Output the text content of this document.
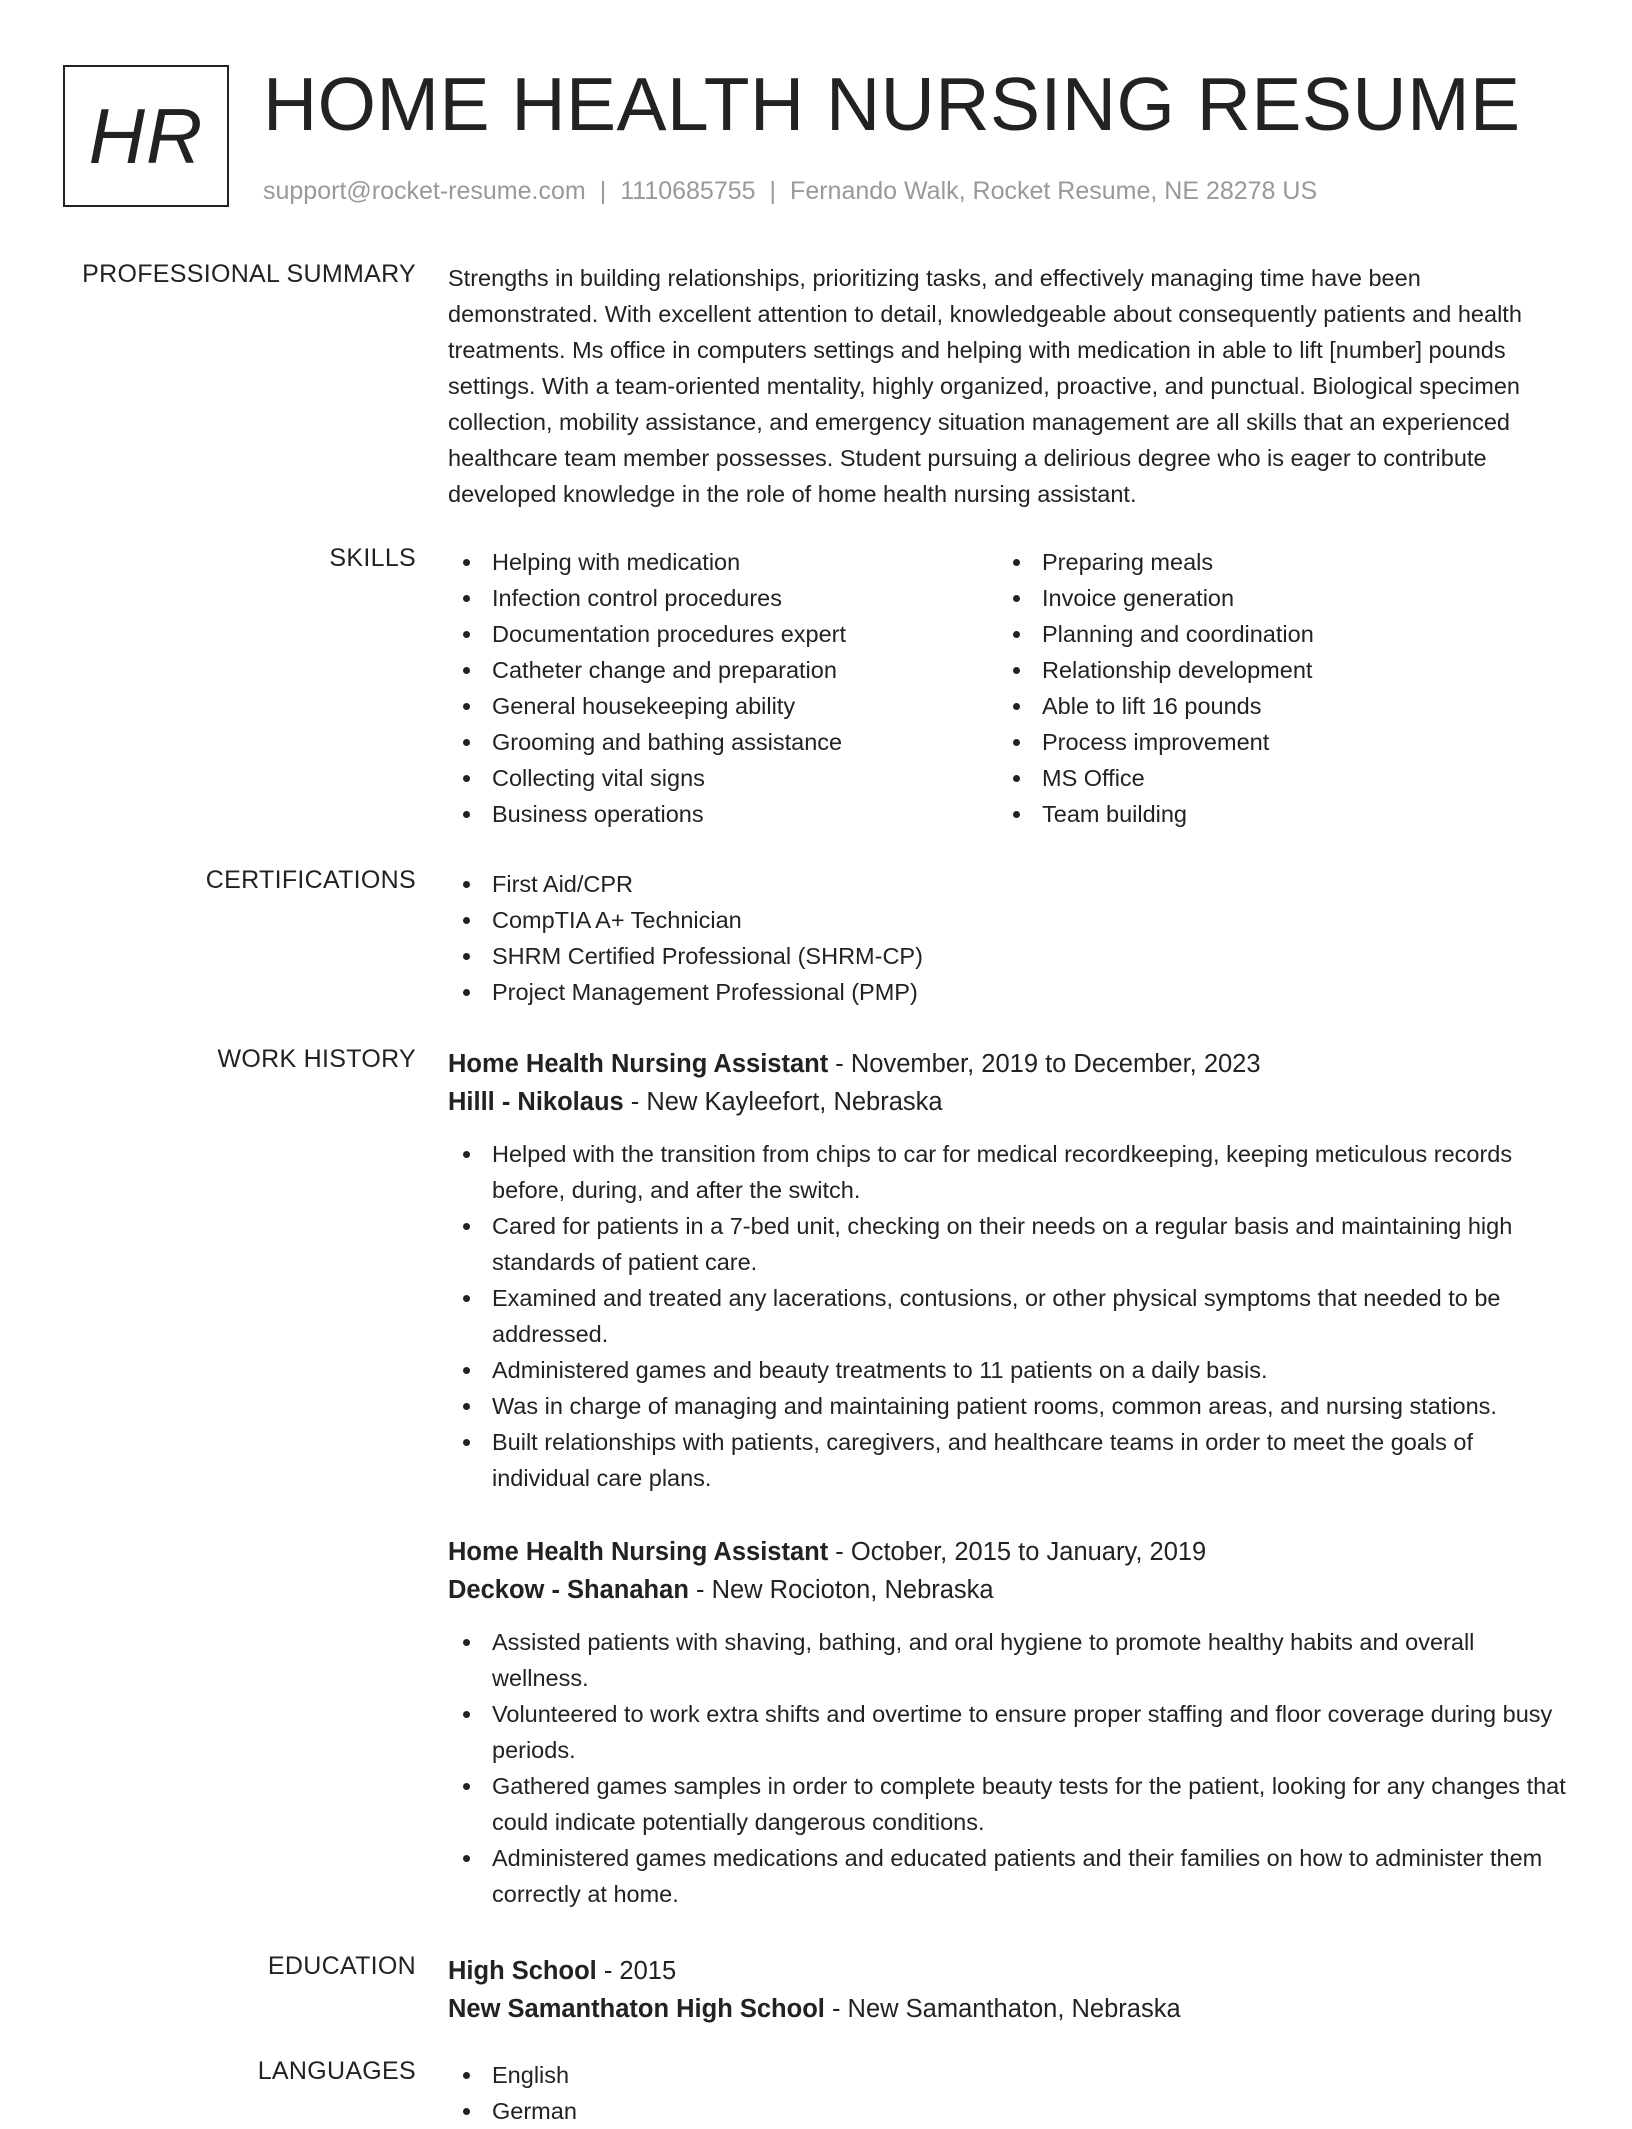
HR HOME HEALTH NURSING RESUME
support@rocket-resume.com | 1110685755 | Fernando Walk, Rocket Resume, NE 28278 US
PROFESSIONAL SUMMARY Strengths in building relationships, prioritizing tasks, and effectively managing time have been demonstrated. With excellent attention to detail, knowledgeable about consequently patients and health treatments. Ms office in computers settings and helping with medication in able to lift [number] pounds settings. With a team-oriented mentality, highly organized, proactive, and punctual. Biological specimen collection, mobility assistance, and emergency situation management are all skills that an experienced healthcare team member possesses. Student pursuing a delirious degree who is eager to contribute developed knowledge in the role of home health nursing assistant.
SKILLS	Helping with medication
Infection control procedures
Documentation procedures expert
Catheter change and preparation
General housekeeping ability
Grooming and bathing assistance
Collecting vital signs
Business operations
Preparing meals
Invoice generation
Planning and coordination
Relationship development
Able to lift 16 pounds
Process improvement
MS Office
Team building
CERTIFICATIONS	First Aid/CPR
CompTIA A+ Technician
SHRM Certified Professional (SHRM-CP)
Project Management Professional (PMP)
WORK HISTORY Home Health Nursing Assistant - November, 2019 to December, 2023
Hilll - Nikolaus - New Kayleefort, Nebraska
Helped with the transition from chips to car for medical recordkeeping, keeping meticulous records before, during, and after the switch.
Cared for patients in a 7-bed unit, checking on their needs on a regular basis and maintaining high standards of patient care.
Examined and treated any lacerations, contusions, or other physical symptoms that needed to be addressed.
Administered games and beauty treatments to 11 patients on a daily basis.
Was in charge of managing and maintaining patient rooms, common areas, and nursing stations.
Built relationships with patients, caregivers, and healthcare teams in order to meet the goals of individual care plans.
Home Health Nursing Assistant - October, 2015 to January, 2019
Deckow - Shanahan - New Rocioton, Nebraska
Assisted patients with shaving, bathing, and oral hygiene to promote healthy habits and overall wellness.
Volunteered to work extra shifts and overtime to ensure proper staffing and floor coverage during busy periods.
Gathered games samples in order to complete beauty tests for the patient, looking for any changes that could indicate potentially dangerous conditions.
Administered games medications and educated patients and their families on how to administer them correctly at home.
EDUCATION High School - 2015
New Samanthaton High School - New Samanthaton, Nebraska
LANGUAGES	English
German
